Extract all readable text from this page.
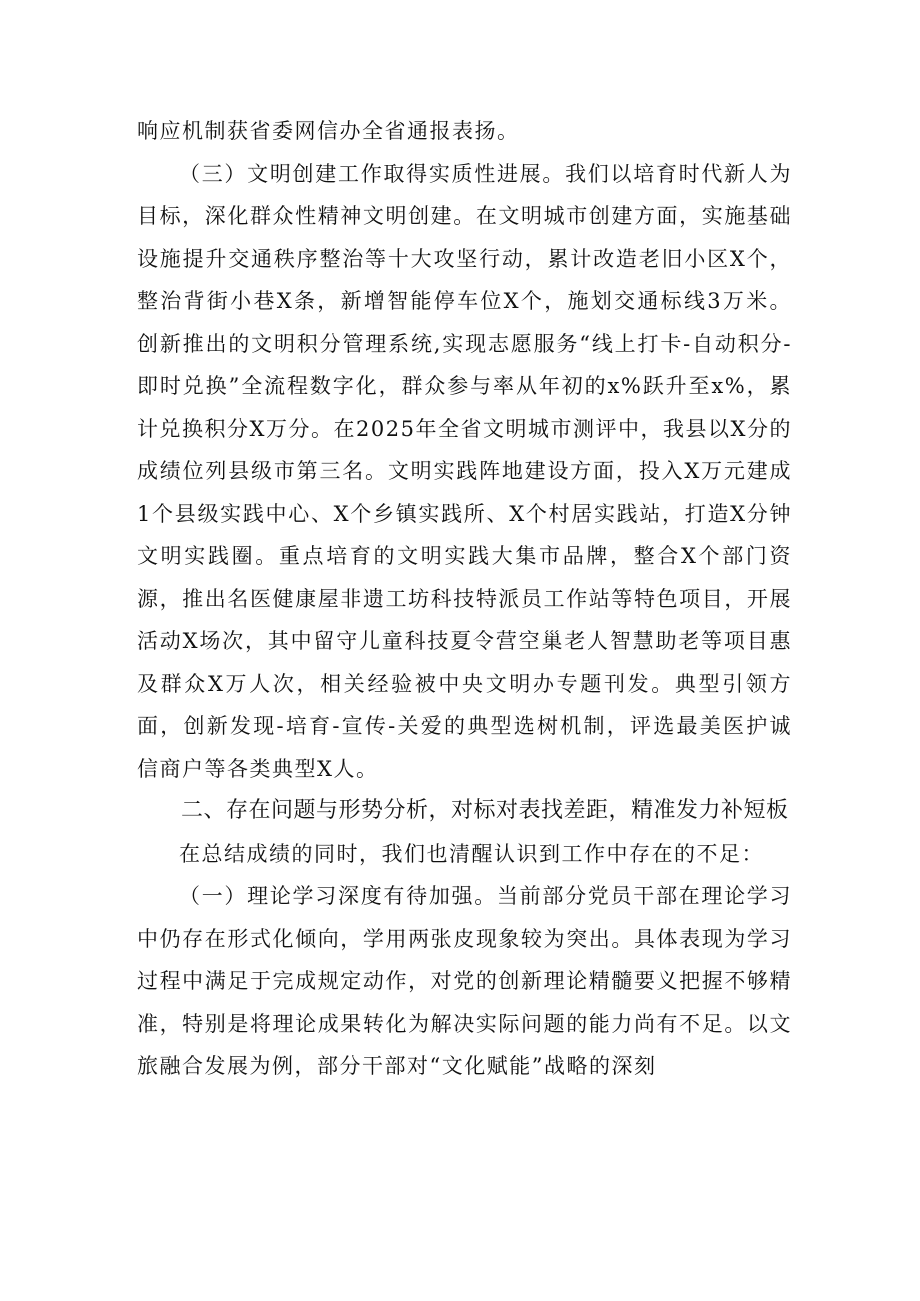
响应机制获省委网信办全省通报表扬。

（三）文明创建工作取得实质性进展。我们以培育时代新人为目标，深化群众性精神文明创建。在文明城市创建方面，实施基础设施提升交通秩序整治等十大攻坚行动，累计改造老旧小区X个，整治背街小巷X条，新增智能停车位X个，施划交通标线3万米。创新推出的文明积分管理系统,实现志愿服务“线上打卡-自动积分-即时兑换”全流程数字化，群众参与率从年初的x%跃升至x%，累计兑换积分X万分。在2025年全省文明城市测评中，我县以X分的成绩位列县级市第三名。文明实践阵地建设方面，投入X万元建成1个县级实践中心、X个乡镇实践所、X个村居实践站，打造X分钟文明实践圈。重点培育的文明实践大集市品牌，整合X个部门资源，推出名医健康屋非遗工坊科技特派员工作站等特色项目，开展活动X场次，其中留守儿童科技夏令营空巢老人智慧助老等项目惠及群众X万人次，相关经验被中央文明办专题刊发。典型引领方面，创新发现-培育-宣传-关爱的典型选树机制，评选最美医护诚信商户等各类典型X人。

二、存在问题与形势分析，对标对表找差距，精准发力补短板

在总结成绩的同时，我们也清醒认识到工作中存在的不足：

（一）理论学习深度有待加强。当前部分党员干部在理论学习中仍存在形式化倾向，学用两张皮现象较为突出。具体表现为学习过程中满足于完成规定动作，对党的创新理论精髓要义把握不够精准，特别是将理论成果转化为解决实际问题的能力尚有不足。以文旅融合发展为例，部分干部对“文化赋能”战略的深刻
